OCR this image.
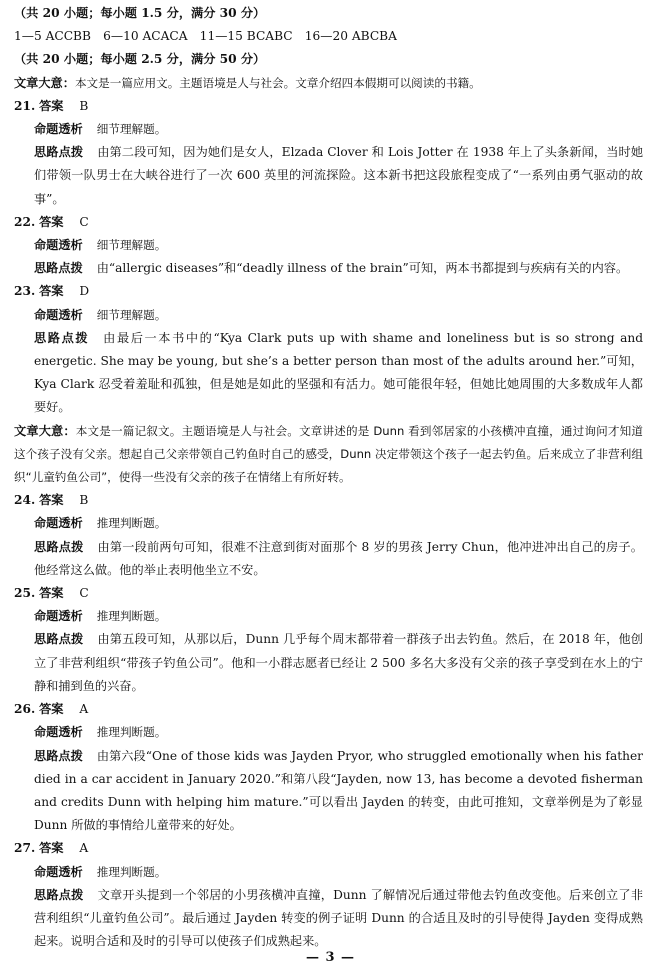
（共 20 小题；每小题 1.5 分，满分 30 分）
1—5 ACCBB　6—10 ACACA　11—15 BCABC　16—20 ABCBA
（共 20 小题；每小题 2.5 分，满分 50 分）
文章大意：本文是一篇应用文。主题语境是人与社会。文章介绍四本假期可以阅读的书籍。
21. 答案 B
命题透析 细节理解题。
思路点拨 由第二段可知，因为她们是女人，Elzada Clover 和 Lois Jotter 在 1938 年上了头条新闻，当时她们带领一队男士在大峡谷进行了一次 600 英里的河流探险。这本新书把这段旅程变成了“一系列由勇气驱动的故事”。
22. 答案 C
命题透析 细节理解题。
思路点拨 由“allergic diseases”和“deadly illness of the brain”可知，两本书都提到与疾病有关的内容。
23. 答案 D
命题透析 细节理解题。
思路点拨 由最后一本书中的“Kya Clark puts up with shame and loneliness but is so strong and energetic. She may be young, but she’s a better person than most of the adults around her.”可知，Kya Clark 忍受着羞耻和孤独，但是她是如此的坚强和有活力。她可能很年轻，但她比她周围的大多数成年人都要好。
文章大意：本文是一篇记叙文。主题语境是人与社会。文章讲述的是 Dunn 看到邻居家的小孩横冲直撞，通过询问才知道这个孩子没有父亲。想起自己父亲带领自己钓鱼时自己的感受，Dunn 决定带领这个孩子一起去钓鱼。后来成立了非营利组织“儿童钓鱼公司”，使得一些没有父亲的孩子在情绪上有所好转。
24. 答案 B
命题透析 推理判断题。
思路点拨 由第一段前两句可知，很难不注意到街对面那个 8 岁的男孩 Jerry Chun，他冲进冲出自己的房子。他经常这么做。他的举止表明他坐立不安。
25. 答案 C
命题透析 推理判断题。
思路点拨 由第五段可知，从那以后，Dunn 几乎每个周末都带着一群孩子出去钓鱼。然后，在 2018 年，他创立了非营利组织“带孩子钓鱼公司”。他和一小群志愿者已经让 2 500 多名大多没有父亲的孩子享受到在水上的宁静和捕到鱼的兴奋。
26. 答案 A
命题透析 推理判断题。
思路点拨 由第六段“One of those kids was Jayden Pryor, who struggled emotionally when his father died in a car accident in January 2020.”和第八段“Jayden, now 13, has become a devoted fisherman and credits Dunn with helping him mature.”可以看出 Jayden 的转变，由此可推知，文章举例是为了彰显 Dunn 所做的事情给儿童带来的好处。
27. 答案 A
命题透析 推理判断题。
思路点拨 文章开头提到一个邻居的小男孩横冲直撞，Dunn 了解情况后通过带他去钓鱼改变他。后来创立了非营利组织“儿童钓鱼公司”。最后通过 Jayden 转变的例子证明 Dunn 的合适且及时的引导使得 Jayden 变得成熟起来。说明合适和及时的引导可以使孩子们成熟起来。
— 3 —
